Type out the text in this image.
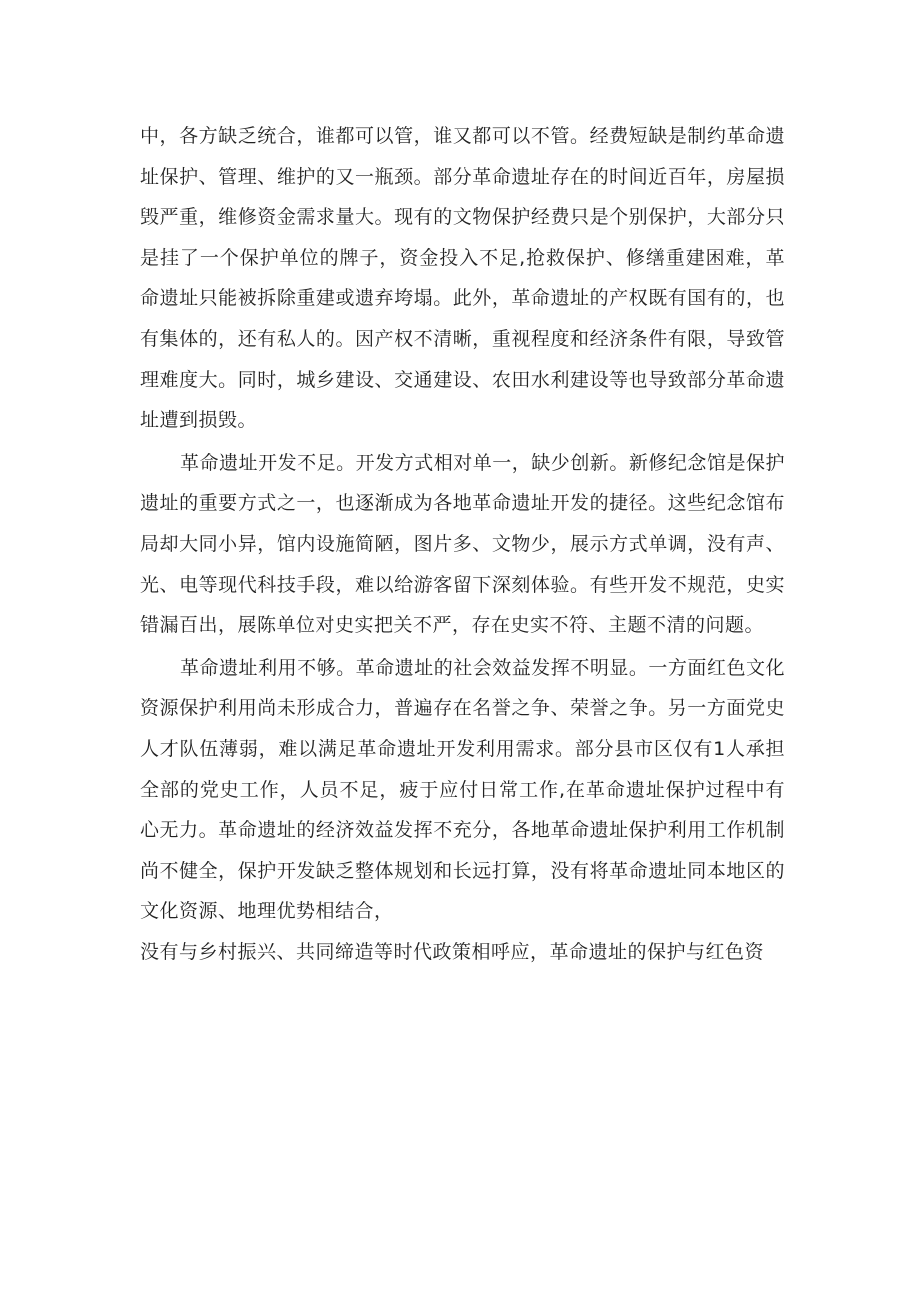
中，各方缺乏统合，谁都可以管，谁又都可以不管。经费短缺是制约革命遗址保护、管理、维护的又一瓶颈。部分革命遗址存在的时间近百年，房屋损毁严重，维修资金需求量大。现有的文物保护经费只是个别保护，大部分只是挂了一个保护单位的牌子，资金投入不足,抢救保护、修缮重建困难，革命遗址只能被拆除重建或遗弃垮塌。此外，革命遗址的产权既有国有的，也有集体的，还有私人的。因产权不清晰，重视程度和经济条件有限，导致管理难度大。同时，城乡建设、交通建设、农田水利建设等也导致部分革命遗址遭到损毁。

革命遗址开发不足。开发方式相对单一，缺少创新。新修纪念馆是保护遗址的重要方式之一，也逐渐成为各地革命遗址开发的捷径。这些纪念馆布局却大同小异，馆内设施简陋，图片多、文物少，展示方式单调，没有声、光、电等现代科技手段，难以给游客留下深刻体验。有些开发不规范，史实错漏百出，展陈单位对史实把关不严，存在史实不符、主题不清的问题。

革命遗址利用不够。革命遗址的社会效益发挥不明显。一方面红色文化资源保护利用尚未形成合力，普遍存在名誉之争、荣誉之争。另一方面党史人才队伍薄弱，难以满足革命遗址开发利用需求。部分县市区仅有1人承担全部的党史工作，人员不足，疲于应付日常工作,在革命遗址保护过程中有心无力。革命遗址的经济效益发挥不充分，各地革命遗址保护利用工作机制尚不健全，保护开发缺乏整体规划和长远打算，没有将革命遗址同本地区的文化资源、地理优势相结合，

没有与乡村振兴、共同缔造等时代政策相呼应，革命遗址的保护与红色资
